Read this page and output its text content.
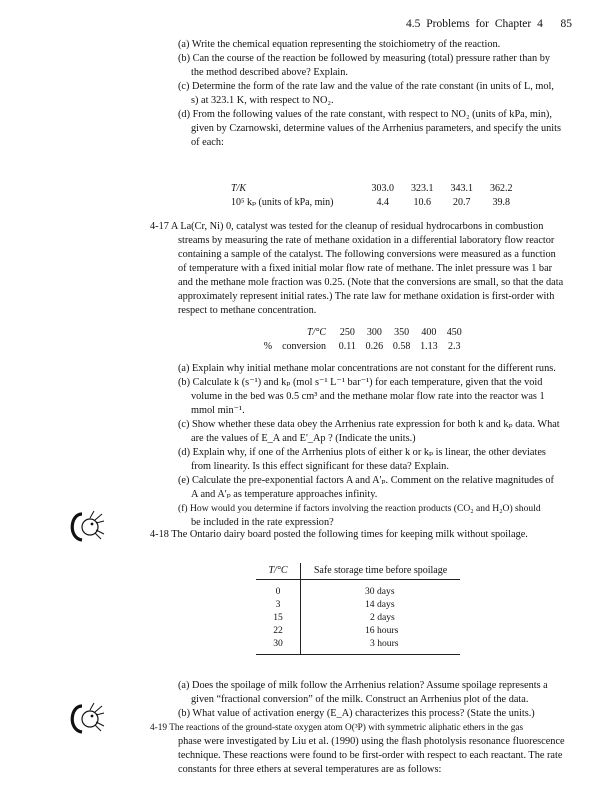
4.5 Problems for Chapter 4 85
(a) Write the chemical equation representing the stoichiometry of the reaction.
(b) Can the course of the reaction be followed by measuring (total) pressure rather than by
the method described above? Explain.
(c) Determine the form of the rate law and the value of the rate constant (in units of L, mol,
s) at 323.1 K, with respect to NO₂.
(d) From the following values of the rate constant, with respect to NO₂ (units of kPa, min),
given by Czarnowski, determine values of the Arrhenius parameters, and specify the units
of each:
T/K	303.0	323.1	343.1	362.2
10⁵ kₚ (units of kPa, min)	4.4	10.6	20.7	39.8
4-17 A La(Cr, Ni) 0, catalyst was tested for the cleanup of residual hydrocarbons in combustion
streams by measuring the rate of methane oxidation in a differential laboratory flow reactor
containing a sample of the catalyst. The following conversions were measured as a function
of temperature with a fixed initial molar flow rate of methane. The inlet pressure was 1 bar
and the methane mole fraction was 0.25. (Note that the conversions are small, so that the data
approximately represent initial rates.) The rate law for methane oxidation is first-order with
respect to methane concentration.
T/°C	250	300	350	400	450
%    conversion	0.11	0.26	0.58	1.13	2.3
(a) Explain why initial methane molar concentrations are not constant for the different runs.
(b) Calculate k (s⁻¹) and kₚ (mol s⁻¹ L⁻¹ bar⁻¹) for each temperature, given that the void
volume in the bed was 0.5 cm³ and the methane molar flow rate into the reactor was 1
mmol min⁻¹.
(c) Show whether these data obey the Arrhenius rate expression for both k and kₚ data. What
are the values of E_A and E'_Ap ? (Indicate the units.)
(d) Explain why, if one of the Arrhenius plots of either k or kₚ is linear, the other deviates
from linearity. Is this effect significant for these data? Explain.
(e) Calculate the pre-exponential factors A and A'ₚ. Comment on the relative magnitudes of
A and A'ₚ as temperature approaches infinity.
(f) How would you determine if factors involving the reaction products (CO₂ and H₂O) should
be included in the rate expression?
4-18 The Ontario dairy board posted the following times for keeping milk without spoilage.
T/°C	Safe storage time before spoilage
0	30 days
3	14 days
15	2 days
22	16 hours
30	3 hours
(a) Does the spoilage of milk follow the Arrhenius relation? Assume spoilage represents a
given “fractional conversion” of the milk. Construct an Arrhenius plot of the data.
(b) What value of activation energy (E_A) characterizes this process? (State the units.)
4-19 The reactions of the ground-state oxygen atom O(³P) with symmetric aliphatic ethers in the gas
phase were investigated by Liu et al. (1990) using the flash photolysis resonance fluorescence
technique. These reactions were found to be first-order with respect to each reactant. The rate
constants for three ethers at several temperatures are as follows:
